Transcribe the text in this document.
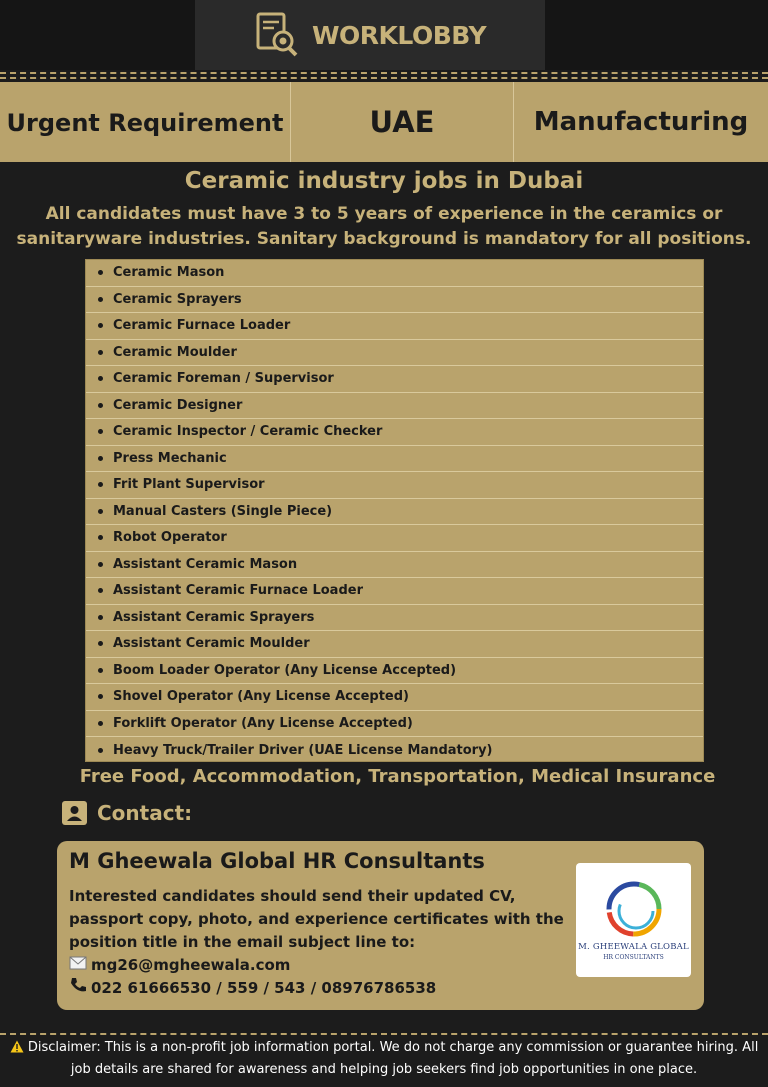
WORKLOBBY
Urgent Requirement	UAE	Manufacturing
Ceramic industry jobs in Dubai
All candidates must have 3 to 5 years of experience in the ceramics or sanitaryware industries. Sanitary background is mandatory for all positions.
Ceramic Mason
Ceramic Sprayers
Ceramic Furnace Loader
Ceramic Moulder
Ceramic Foreman / Supervisor
Ceramic Designer
Ceramic Inspector / Ceramic Checker
Press Mechanic
Frit Plant Supervisor
Manual Casters (Single Piece)
Robot Operator
Assistant Ceramic Mason
Assistant Ceramic Furnace Loader
Assistant Ceramic Sprayers
Assistant Ceramic Moulder
Boom Loader Operator (Any License Accepted)
Shovel Operator (Any License Accepted)
Forklift Operator (Any License Accepted)
Heavy Truck/Trailer Driver (UAE License Mandatory)
Free Food, Accommodation, Transportation, Medical Insurance
Contact:
M Gheewala Global HR Consultants
Interested candidates should send their updated CV, passport copy, photo, and experience certificates with the position title in the email subject line to:
mg26@mgheewala.com
022 61666530 / 559 / 543 / 08976786538
M. GHEEWALA GLOBAL
HR CONSULTANTS
Disclaimer: This is a non-profit job information portal. We do not charge any commission or guarantee hiring. All job details are shared for awareness and helping job seekers find job opportunities in one place.
